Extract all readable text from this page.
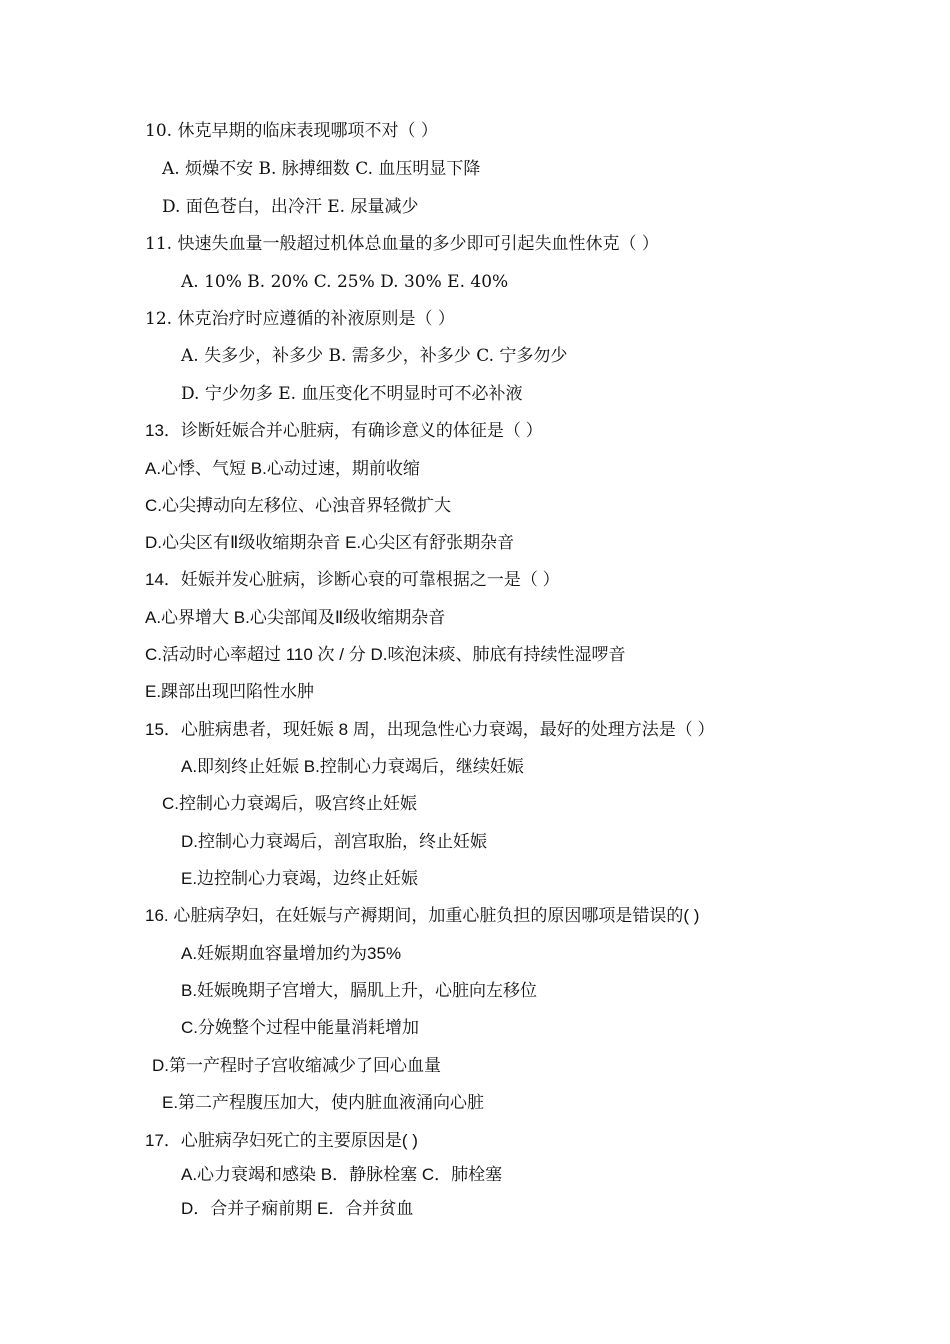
10. 休克早期的临床表现哪项不对（ ）
A. 烦燥不安 B. 脉搏细数 C. 血压明显下降
D. 面色苍白，出冷汗 E. 尿量减少
11. 快速失血量一般超过机体总血量的多少即可引起失血性休克（ ）
A. 10% B. 20% C. 25% D. 30% E. 40%
12. 休克治疗时应遵循的补液原则是（ ）
A. 失多少，补多少 B. 需多少，补多少 C. 宁多勿少
D. 宁少勿多 E. 血压变化不明显时可不必补液
13．诊断妊娠合并心脏病，有确诊意义的体征是（ ）
A.心悸、气短 B.心动过速，期前收缩
C.心尖搏动向左移位、心浊音界轻微扩大
D.心尖区有Ⅱ级收缩期杂音 E.心尖区有舒张期杂音
14．妊娠并发心脏病，诊断心衰的可靠根据之一是（ ）
A.心界增大 B.心尖部闻及Ⅱ级收缩期杂音
C.活动时心率超过 110 次 / 分 D.咳泡沫痰、肺底有持续性湿啰音
E.踝部出现凹陷性水肿
15．心脏病患者，现妊娠 8 周，出现急性心力衰竭，最好的处理方法是（ ）
A.即刻终止妊娠 B.控制心力衰竭后，继续妊娠
C.控制心力衰竭后，吸宫终止妊娠
D.控制心力衰竭后，剖宫取胎，终止妊娠
E.边控制心力衰竭，边终止妊娠
16. 心脏病孕妇，在妊娠与产褥期间，加重心脏负担的原因哪项是错误的( )
A.妊娠期血容量增加约为35%
B.妊娠晚期子宫增大，膈肌上升，心脏向左移位
C.分娩整个过程中能量消耗增加
D.第一产程时子宫收缩减少了回心血量
E.第二产程腹压加大，使内脏血液涌向心脏
17．心脏病孕妇死亡的主要原因是( )
A.心力衰竭和感染 B．静脉栓塞 C．肺栓塞
D．合并子痫前期 E．合并贫血
